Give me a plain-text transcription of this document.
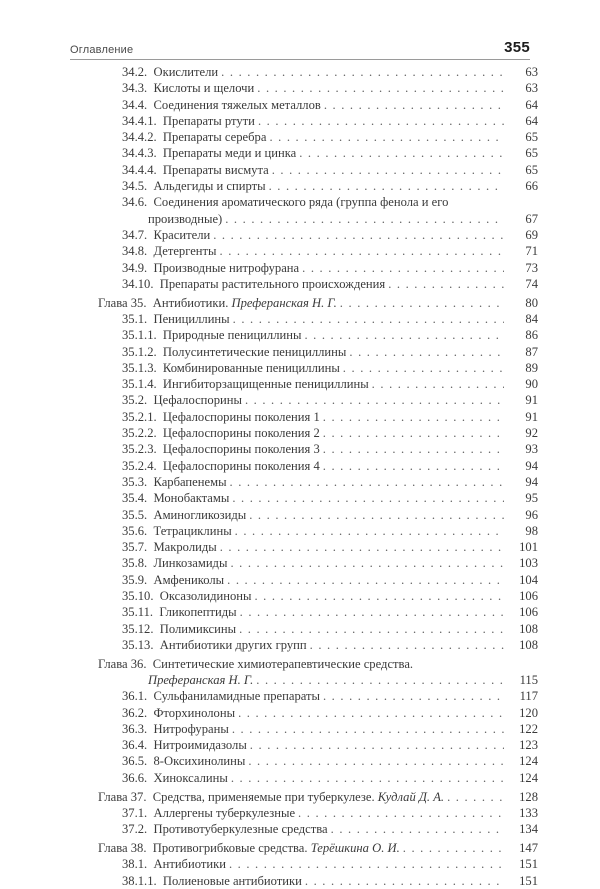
Оглавление	355
34.2.  Окислители . . .	63
34.3.  Кислоты и щелочи . . .	63
34.4.  Соединения тяжелых металлов . . .	64
34.4.1.  Препараты ртути . . .	64
34.4.2.  Препараты серебра . . .	65
34.4.3.  Препараты меди и цинка . . .	65
34.4.4.  Препараты висмута . . .	65
34.5.  Альдегиды и спирты . . .	66
34.6.  Соединения ароматического ряда (группа фенола и его
производные) . . .	67
34.7.  Красители . . .	69
34.8.  Детергенты . . .	71
34.9.  Производные нитрофурана . . .	73
34.10.  Препараты растительного происхождения . . .	74
Глава 35.  Антибиотики. Преферанская Н. Г. . . .	80
35.1.  Пенициллины . . .	84
35.1.1.  Природные пенициллины . . .	86
35.1.2.  Полусинтетические пенициллины . . .	87
35.1.3.  Комбинированные пенициллины . . .	89
35.1.4.  Ингибиторзащищенные пенициллины . . .	90
35.2.  Цефалоспорины . . .	91
35.2.1.  Цефалоспорины поколения 1 . . .	91
35.2.2.  Цефалоспорины поколения 2 . . .	92
35.2.3.  Цефалоспорины поколения 3 . . .	93
35.2.4.  Цефалоспорины поколения 4 . . .	94
35.3.  Карбапенемы . . .	94
35.4.  Монобактамы . . .	95
35.5.  Аминогликозиды . . .	96
35.6.  Тетрациклины . . .	98
35.7.  Макролиды . . .	101
35.8.  Линкозамиды . . .	103
35.9.  Амфениколы . . .	104
35.10.  Оксазолидиноны . . .	106
35.11.  Гликопептиды . . .	106
35.12.  Полимиксины . . .	108
35.13.  Антибиотики других групп . . .	108
Глава 36.  Синтетические химиотерапевтические средства.
Преферанская Н. Г. . . .	115
36.1.  Сульфаниламидные препараты . . .	117
36.2.  Фторхинолоны . . .	120
36.3.  Нитрофураны . . .	122
36.4.  Нитроимидазолы . . .	123
36.5.  8-Оксихинолины . . .	124
36.6.  Хиноксалины . . .	124
Глава 37.  Средства, применяемые при туберкулезе. Кудлай Д. А. . . .	128
37.1.  Аллергены туберкулезные . . .	133
37.2.  Противотуберкулезные средства . . .	134
Глава 38.  Противогрибковые средства. Терёшкина О. И. . . .	147
38.1.  Антибиотики . . .	151
38.1.1.  Полиеновые антибиотики . . .	151
